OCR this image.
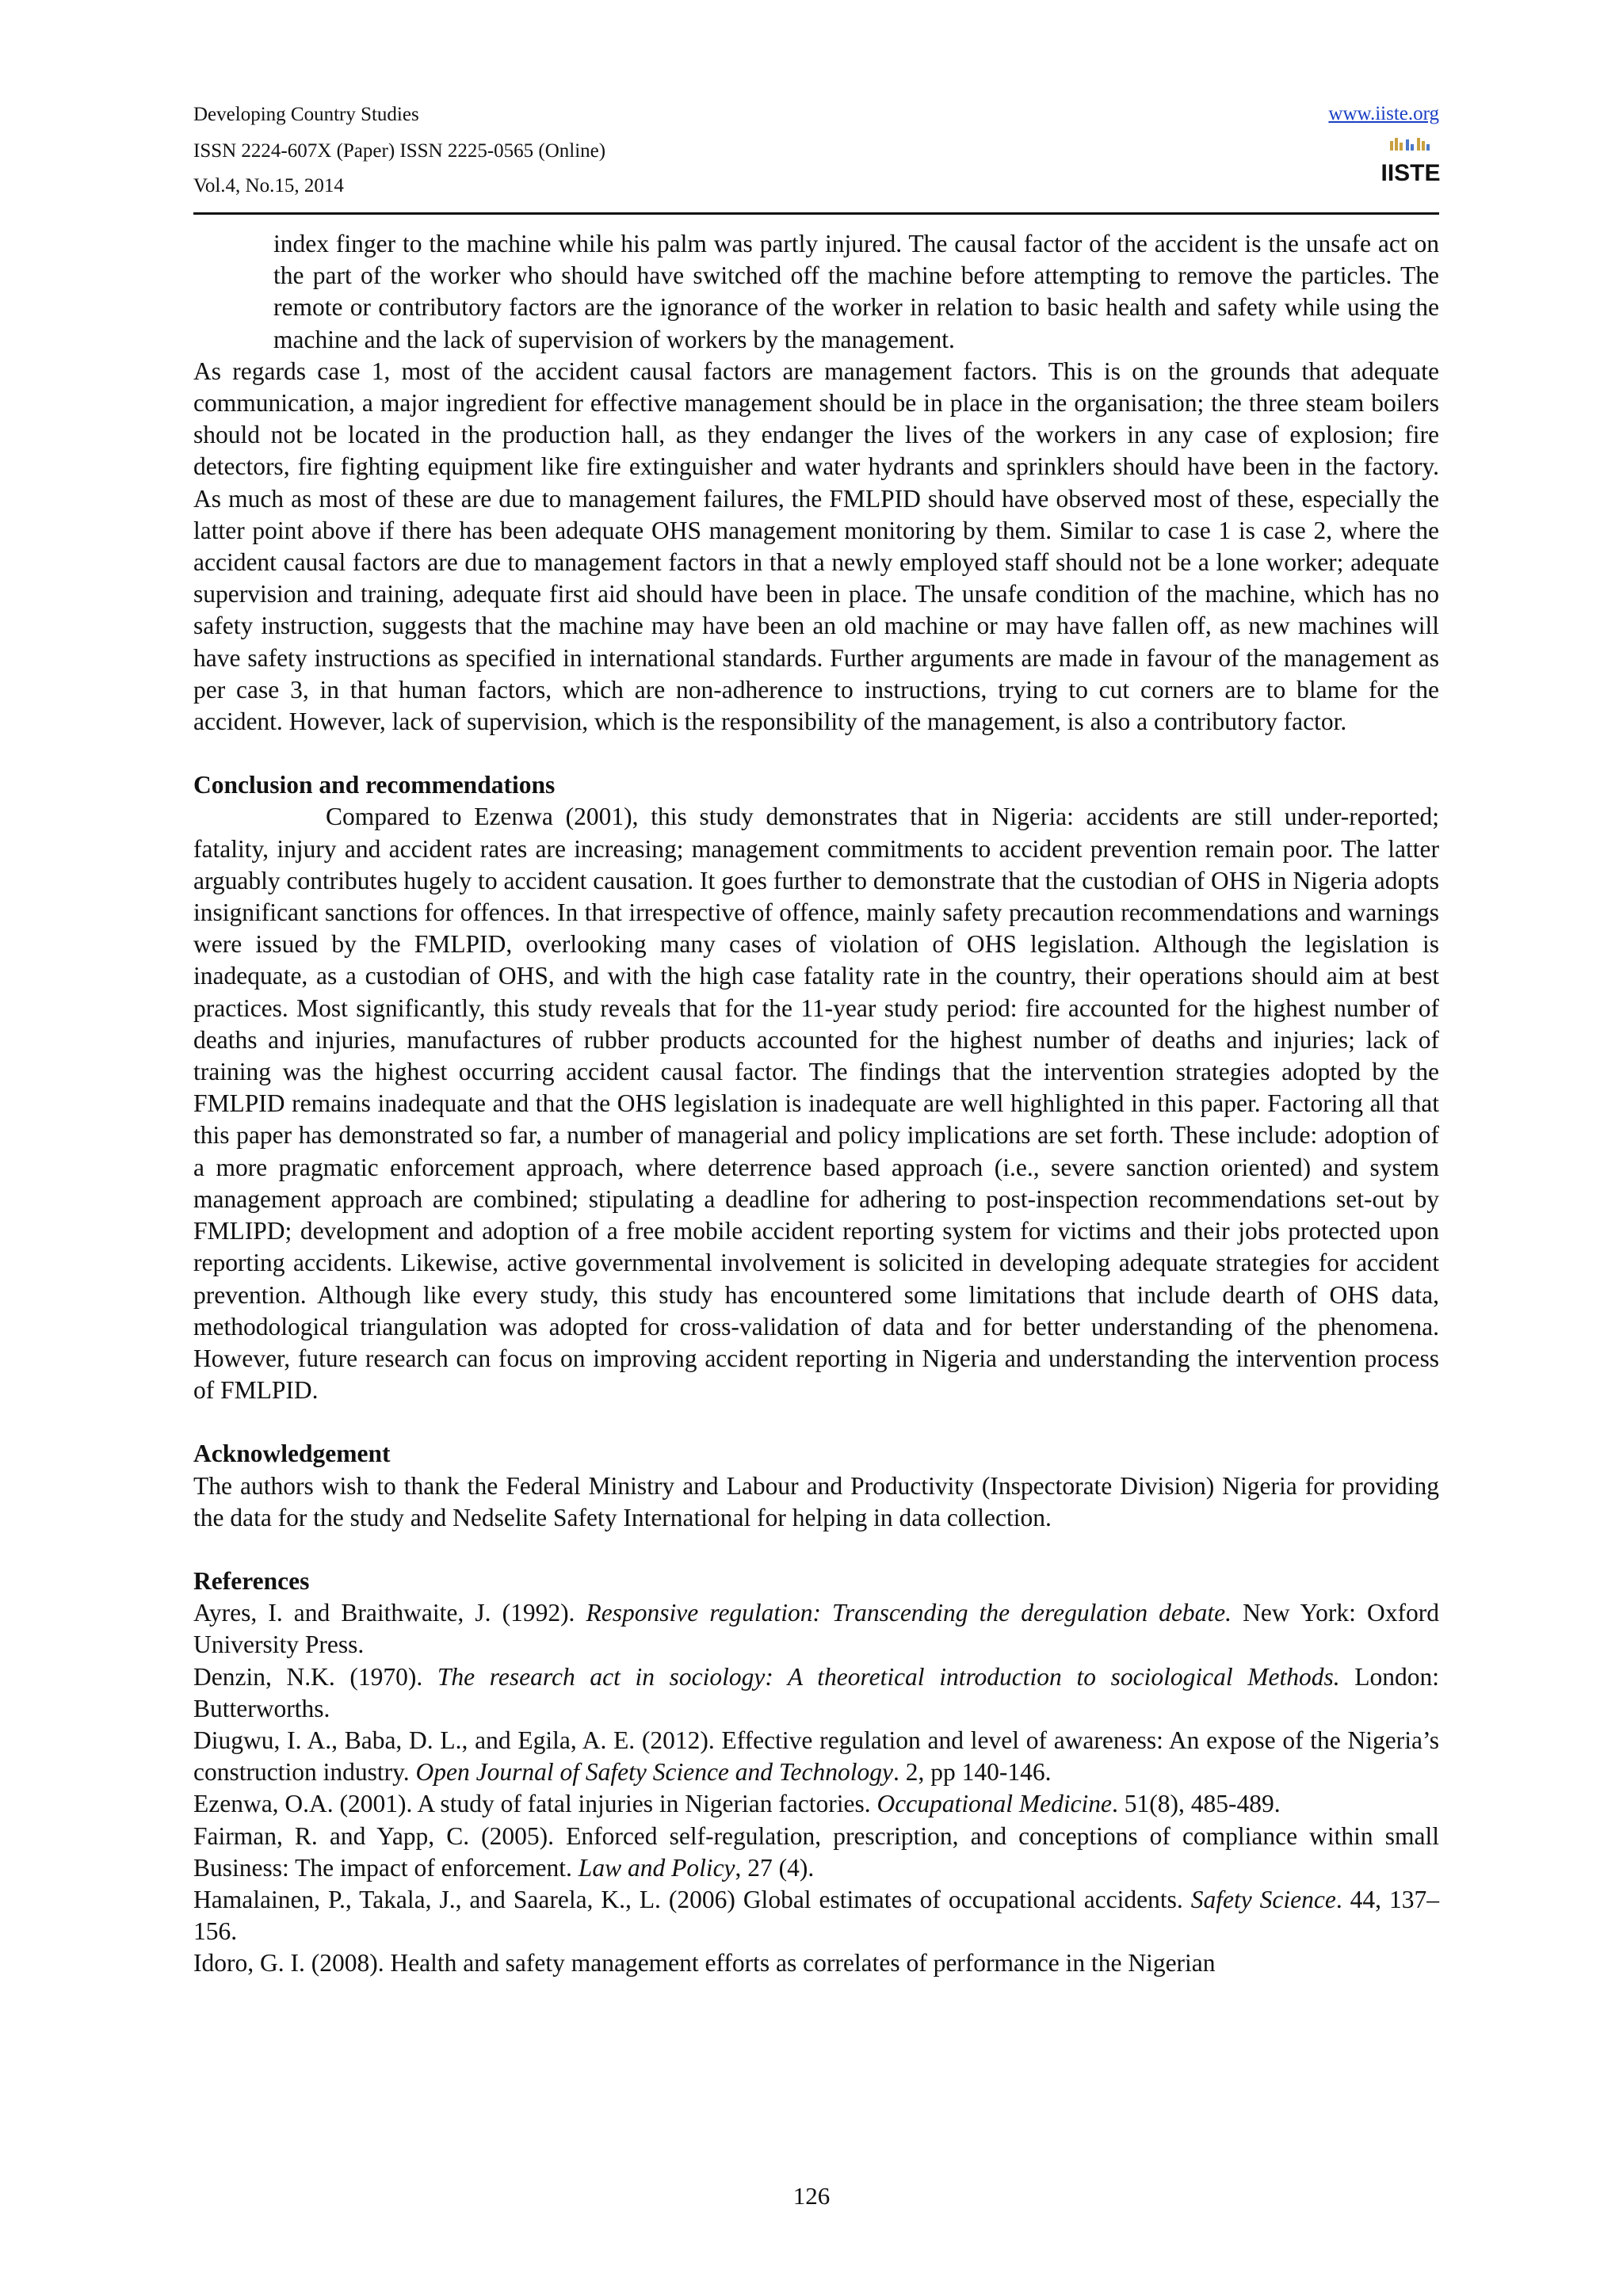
Developing Country Studies
ISSN 2224-607X (Paper) ISSN 2225-0565 (Online)
Vol.4, No.15, 2014
www.iiste.org
IISTE

index finger to the machine while his palm was partly injured. The causal factor of the accident is the unsafe act on the part of the worker who should have switched off the machine before attempting to remove the particles. The remote or contributory factors are the ignorance of the worker in relation to basic health and safety while using the machine and the lack of supervision of workers by the management.

As regards case 1, most of the accident causal factors are management factors. This is on the grounds that adequate communication, a major ingredient for effective management should be in place in the organisation; the three steam boilers should not be located in the production hall, as they endanger the lives of the workers in any case of explosion; fire detectors, fire fighting equipment like fire extinguisher and water hydrants and sprinklers should have been in the factory. As much as most of these are due to management failures, the FMLPID should have observed most of these, especially the latter point above if there has been adequate OHS management monitoring by them. Similar to case 1 is case 2, where the accident causal factors are due to management factors in that a newly employed staff should not be a lone worker; adequate supervision and training, adequate first aid should have been in place. The unsafe condition of the machine, which has no safety instruction, suggests that the machine may have been an old machine or may have fallen off, as new machines will have safety instructions as specified in international standards. Further arguments are made in favour of the management as per case 3, in that human factors, which are non-adherence to instructions, trying to cut corners are to blame for the accident. However, lack of supervision, which is the responsibility of the management, is also a contributory factor.

Conclusion and recommendations

Compared to Ezenwa (2001), this study demonstrates that in Nigeria: accidents are still under-reported; fatality, injury and accident rates are increasing; management commitments to accident prevention remain poor. The latter arguably contributes hugely to accident causation. It goes further to demonstrate that the custodian of OHS in Nigeria adopts insignificant sanctions for offences. In that irrespective of offence, mainly safety precaution recommendations and warnings were issued by the FMLPID, overlooking many cases of violation of OHS legislation. Although the legislation is inadequate, as a custodian of OHS, and with the high case fatality rate in the country, their operations should aim at best practices. Most significantly, this study reveals that for the 11-year study period: fire accounted for the highest number of deaths and injuries, manufactures of rubber products accounted for the highest number of deaths and injuries; lack of training was the highest occurring accident causal factor. The findings that the intervention strategies adopted by the FMLPID remains inadequate and that the OHS legislation is inadequate are well highlighted in this paper. Factoring all that this paper has demonstrated so far, a number of managerial and policy implications are set forth. These include: adoption of a more pragmatic enforcement approach, where deterrence based approach (i.e., severe sanction oriented) and system management approach are combined; stipulating a deadline for adhering to post-inspection recommendations set-out by FMLIPD; development and adoption of a free mobile accident reporting system for victims and their jobs protected upon reporting accidents. Likewise, active governmental involvement is solicited in developing adequate strategies for accident prevention. Although like every study, this study has encountered some limitations that include dearth of OHS data, methodological triangulation was adopted for cross-validation of data and for better understanding of the phenomena. However, future research can focus on improving accident reporting in Nigeria and understanding the intervention process of FMLPID.

Acknowledgement

The authors wish to thank the Federal Ministry and Labour and Productivity (Inspectorate Division) Nigeria for providing the data for the study and Nedselite Safety International for helping in data collection.

References

Ayres, I. and Braithwaite, J. (1992). Responsive regulation: Transcending the deregulation debate. New York: Oxford University Press.

Denzin, N.K. (1970). The research act in sociology: A theoretical introduction to sociological Methods. London: Butterworths.

Diugwu, I. A., Baba, D. L., and Egila, A. E. (2012). Effective regulation and level of awareness: An expose of the Nigeria’s construction industry. Open Journal of Safety Science and Technology. 2, pp 140-146.

Ezenwa, O.A. (2001). A study of fatal injuries in Nigerian factories. Occupational Medicine. 51(8), 485-489.

Fairman, R. and Yapp, C. (2005). Enforced self-regulation, prescription, and conceptions of compliance within small Business: The impact of enforcement. Law and Policy, 27 (4).

Hamalainen, P., Takala, J., and Saarela, K., L. (2006) Global estimates of occupational accidents. Safety Science. 44, 137–156.

Idoro, G. I. (2008). Health and safety management efforts as correlates of performance in the Nigerian

126
